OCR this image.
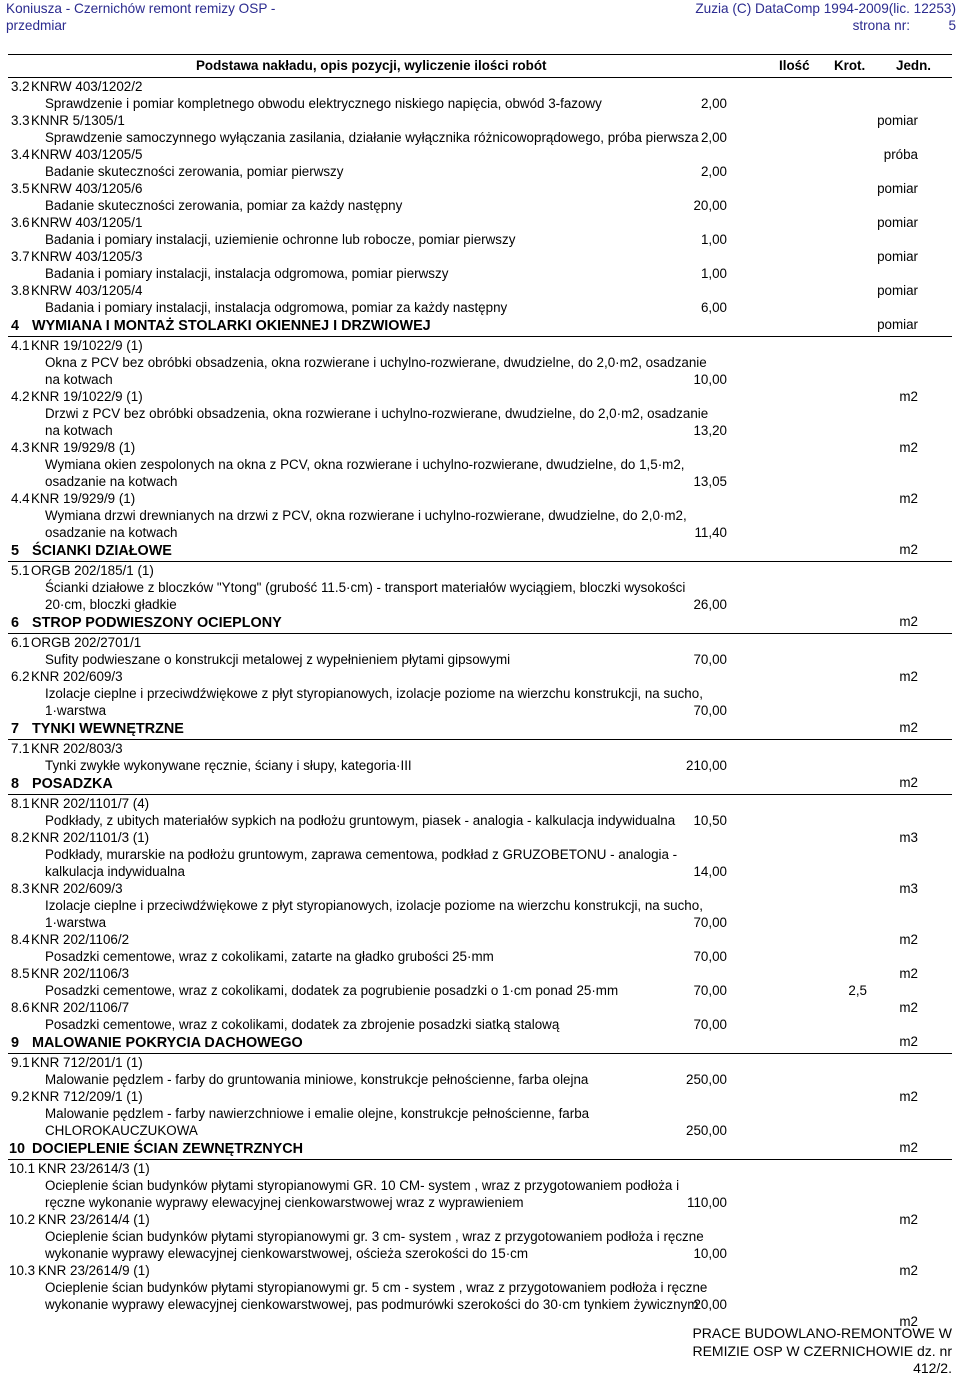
Koniusza - Czernichów remont remizy OSP -
przedmiar
Zuzia (C) DataComp 1994-2009(lic. 12253)
strona nr:	5
Podstawa nakładu, opis pozycji, wyliczenie ilości robót	Ilość Krot. Jedn.
3.2 KNRW 403/1202/2
Sprawdzenie i pomiar kompletnego obwodu elektrycznego niskiego napięcia, obwód 3-fazowy	2,00
pomiar
3.3 KNNR 5/1305/1
Sprawdzenie samoczynnego wyłączania zasilania, działanie wyłącznika różnicowoprądowego, próba pierwsza 2,00
próba
3.4 KNRW 403/1205/5
Badanie skuteczności zerowania, pomiar pierwszy	2,00
pomiar
3.5 KNRW 403/1205/6
Badanie skuteczności zerowania, pomiar za każdy następny	20,00
pomiar
3.6 KNRW 403/1205/1
Badania i pomiary instalacji, uziemienie ochronne lub robocze, pomiar pierwszy	1,00
pomiar
3.7 KNRW 403/1205/3
Badania i pomiary instalacji, instalacja odgromowa, pomiar pierwszy	1,00
pomiar
3.8 KNRW 403/1205/4
Badania i pomiary instalacji, instalacja odgromowa, pomiar za każdy następny	6,00
pomiar
4 WYMIANA I MONTAŻ STOLARKI OKIENNEJ I DRZWIOWEJ
4.1 KNR 19/1022/9 (1)
Okna z PCV bez obróbki obsadzenia, okna rozwierane i uchylno-rozwierane, dwudzielne, do 2,0·m2, osadzanie
na kotwach	10,00
m2
4.2 KNR 19/1022/9 (1)
Drzwi z PCV bez obróbki obsadzenia, okna rozwierane i uchylno-rozwierane, dwudzielne, do 2,0·m2, osadzanie
na kotwach	13,20
m2
4.3 KNR 19/929/8 (1)
Wymiana okien zespolonych na okna z PCV, okna rozwierane i uchylno-rozwierane, dwudzielne, do 1,5·m2,
osadzanie na kotwach	13,05
m2
4.4 KNR 19/929/9 (1)
Wymiana drzwi drewnianych na drzwi z PCV, okna rozwierane i uchylno-rozwierane, dwudzielne, do 2,0·m2,
osadzanie na kotwach	11,40
m2
5 ŚCIANKI DZIAŁOWE
5.1 ORGB 202/185/1 (1)
Ścianki działowe z bloczków "Ytong" (grubość 11.5·cm) - transport materiałów wyciągiem, bloczki wysokości
20·cm, bloczki gładkie	26,00
m2
6 STROP PODWIESZONY OCIEPLONY
6.1 ORGB 202/2701/1
Sufity podwieszane o konstrukcji metalowej z wypełnieniem płytami gipsowymi	70,00
m2
6.2 KNR 202/609/3
Izolacje cieplne i przeciwdźwiękowe z płyt styropianowych, izolacje poziome na wierzchu konstrukcji, na sucho,
1·warstwa	70,00
m2
7 TYNKI WEWNĘTRZNE
7.1 KNR 202/803/3
Tynki zwykłe wykonywane ręcznie, ściany i słupy, kategoria·III	210,00
m2
8 POSADZKA
8.1 KNR 202/1101/7 (4)
Podkłady, z ubitych materiałów sypkich na podłożu gruntowym, piasek - analogia - kalkulacja indywidualna	10,50
m3
8.2 KNR 202/1101/3 (1)
Podkłady, murarskie na podłożu gruntowym, zaprawa cementowa, podkład z GRUZOBETONU - analogia -
kalkulacja indywidualna	14,00
m3
8.3 KNR 202/609/3
Izolacje cieplne i przeciwdźwiękowe z płyt styropianowych, izolacje poziome na wierzchu konstrukcji, na sucho,
1·warstwa	70,00
m2
8.4 KNR 202/1106/2
Posadzki cementowe, wraz z cokolikami, zatarte na gładko grubości 25·mm	70,00
m2
8.5 KNR 202/1106/3
Posadzki cementowe, wraz z cokolikami, dodatek za pogrubienie posadzki o 1·cm ponad 25·mm	70,00	2,5
m2
8.6 KNR 202/1106/7
Posadzki cementowe, wraz z cokolikami, dodatek za zbrojenie posadzki siatką stalową	70,00
m2
9 MALOWANIE POKRYCIA DACHOWEGO
9.1 KNR 712/201/1 (1)
Malowanie pędzlem - farby do gruntowania miniowe, konstrukcje pełnościenne, farba olejna	250,00
m2
9.2 KNR 712/209/1 (1)
Malowanie pędzlem - farby nawierzchniowe i emalie olejne, konstrukcje pełnościenne, farba
CHLOROKAUCZUKOWA	250,00
m2
10 DOCIEPLENIE ŚCIAN ZEWNĘTRZNYCH
10.1 KNR 23/2614/3 (1)
Ocieplenie ścian budynków płytami styropianowymi GR. 10 CM- system , wraz z przygotowaniem podłoża i
ręczne wykonanie wyprawy elewacyjnej cienkowarstwowej wraz z wyprawieniem	110,00
m2
10.2 KNR 23/2614/4 (1)
Ocieplenie ścian budynków płytami styropianowymi gr. 3 cm- system , wraz z przygotowaniem podłoża i ręczne
wykonanie wyprawy elewacyjnej cienkowarstwowej, ościeża szerokości do 15·cm	10,00
m2
10.3 KNR 23/2614/9 (1)
Ocieplenie ścian budynków płytami styropianowymi gr. 5 cm - system , wraz z przygotowaniem podłoża i ręczne
wykonanie wyprawy elewacyjnej cienkowarstwowej, pas podmurówki szerokości do 30·cm tynkiem żywicznym
20,00
m2
PRACE BUDOWLANO-REMONTOWE W
REMIZIE OSP W CZERNICHOWIE dz. nr
412/2.
